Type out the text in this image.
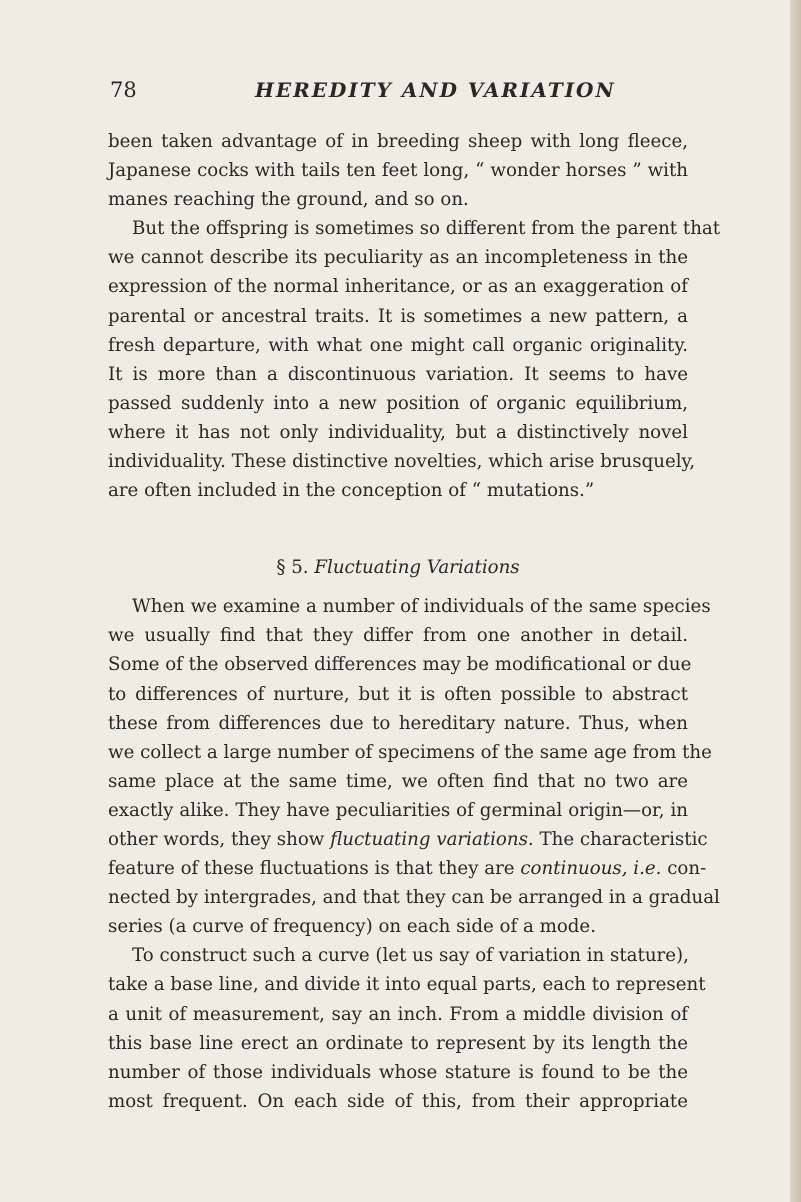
78	HEREDITY AND VARIATION
been taken advantage of in breeding sheep with long fleece,
Japanese cocks with tails ten feet long, “ wonder horses ” with
manes reaching the ground, and so on.
But the offspring is sometimes so different from the parent that
we cannot describe its peculiarity as an incompleteness in the
expression of the normal inheritance, or as an exaggeration of
parental or ancestral traits. It is sometimes a new pattern, a
fresh departure, with what one might call organic originality.
It is more than a discontinuous variation. It seems to have
passed suddenly into a new position of organic equilibrium,
where it has not only individuality, but a distinctively novel
individuality. These distinctive novelties, which arise brusquely,
are often included in the conception of “ mutations.”
§ 5. Fluctuating Variations
When we examine a number of individuals of the same species
we usually find that they differ from one another in detail.
Some of the observed differences may be modificational or due
to differences of nurture, but it is often possible to abstract
these from differences due to hereditary nature. Thus, when
we collect a large number of specimens of the same age from the
same place at the same time, we often find that no two are
exactly alike. They have peculiarities of germinal origin—or, in
other words, they show fluctuating variations. The characteristic
feature of these fluctuations is that they are continuous, i.e. con-
nected by intergrades, and that they can be arranged in a gradual
series (a curve of frequency) on each side of a mode.
To construct such a curve (let us say of variation in stature),
take a base line, and divide it into equal parts, each to represent
a unit of measurement, say an inch. From a middle division of
this base line erect an ordinate to represent by its length the
number of those individuals whose stature is found to be the
most frequent. On each side of this, from their appropriate
